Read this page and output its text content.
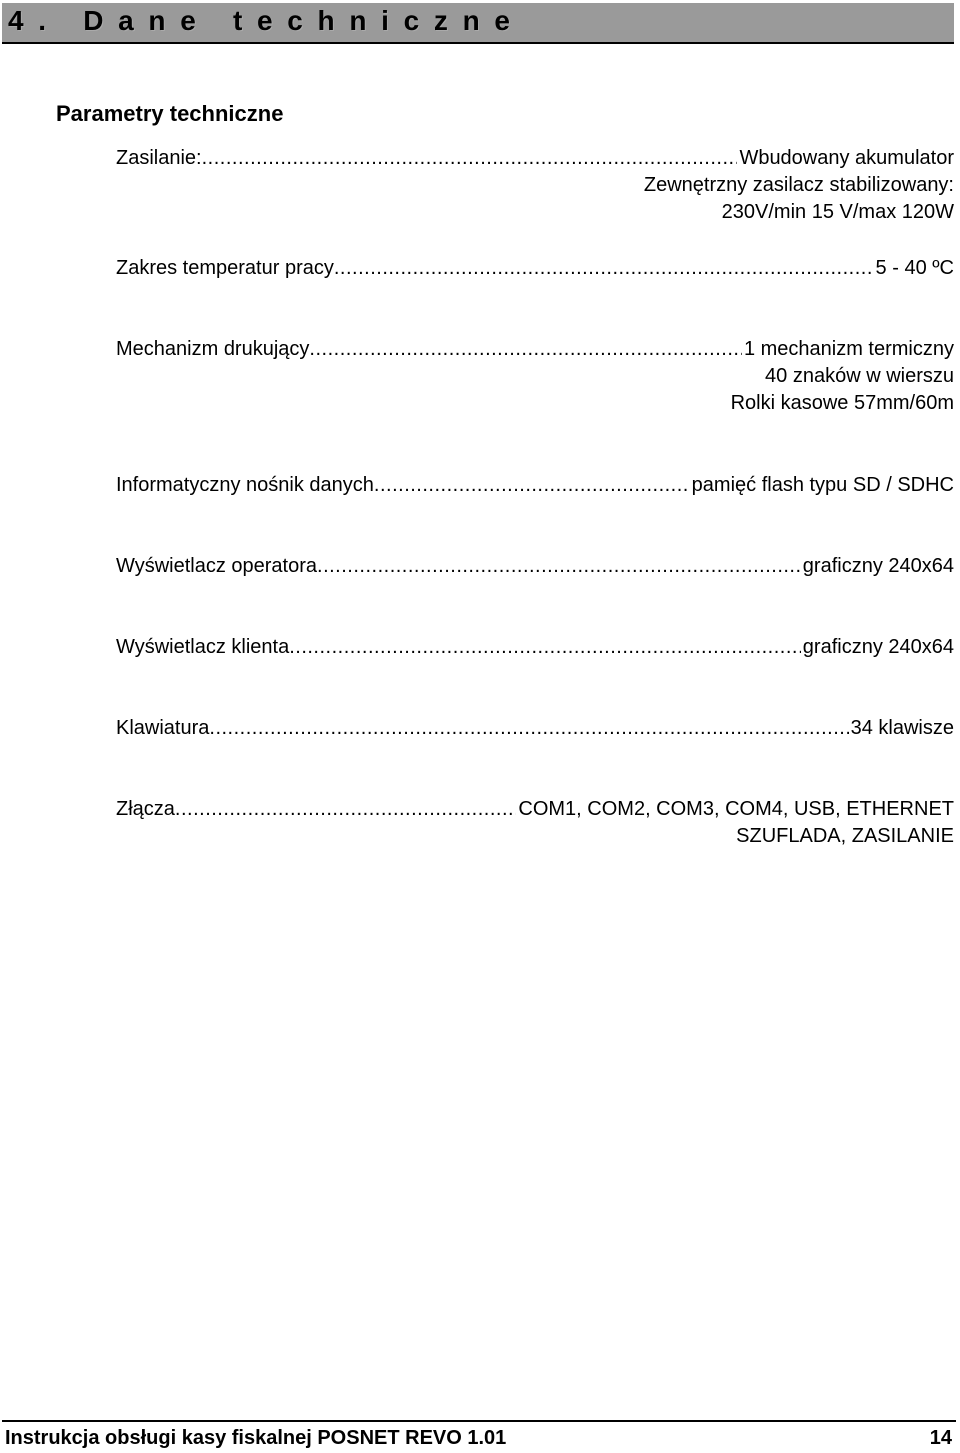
4. Dane techniczne
Parametry techniczne
Zasilanie: .....	Wbudowany akumulator
Zewnętrzny zasilacz stabilizowany:
230V/min 15 V/max 120W
Zakres temperatur pracy .....	5 - 40 ºC
Mechanizm drukujący .....	1 mechanizm termiczny
40 znaków w wierszu
Rolki kasowe 57mm/60m
Informatyczny nośnik danych .....	pamięć flash typu SD / SDHC
Wyświetlacz operatora .....	graficzny 240x64
Wyświetlacz klienta .....	graficzny 240x64
Klawiatura .....	34 klawisze
Złącza .....	COM1, COM2, COM3, COM4, USB, ETHERNET
SZUFLADA, ZASILANIE
Instrukcja obsługi kasy fiskalnej POSNET REVO 1.01	14
